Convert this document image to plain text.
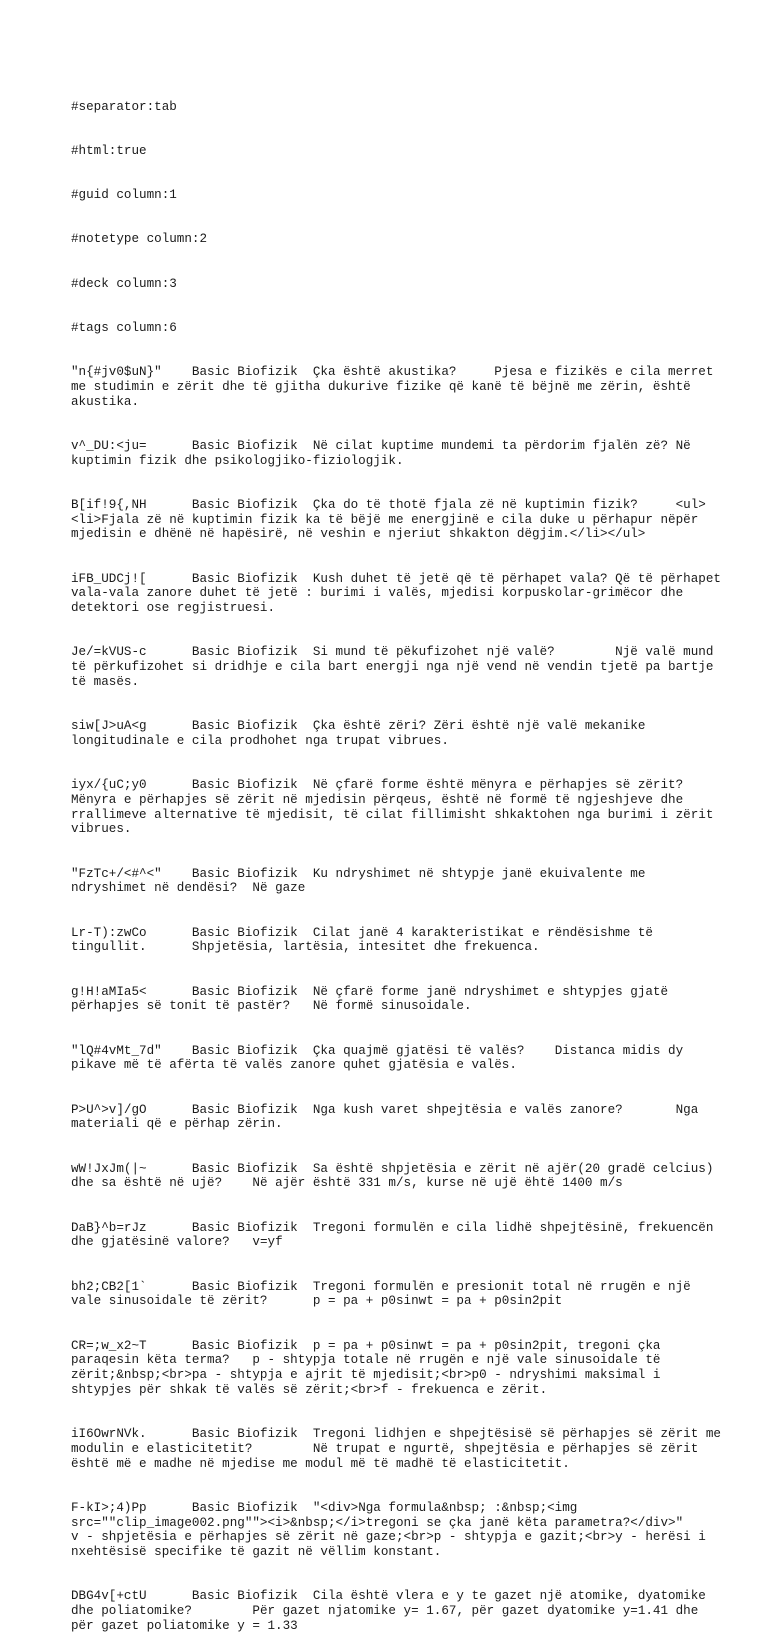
#separator:tab

#html:true

#guid column:1

#notetype column:2

#deck column:3

#tags column:6

"n{#jv0$uN}"	Basic Biofizik	Çka është akustika?	Pjesa e fizikës e cila merret me studimin e zërit dhe të gjitha dukurive fizike që kanë të bëjnë me zërin, është akustika.

v^_DU:<ju=	Basic Biofizik	Në cilat kuptime mundemi ta përdorim fjalën zë?	Në kuptimin fizik dhe psikologjiko-fiziologjik.

B[if!9{,NH	Basic Biofizik	Çka do të thotë fjala zë në kuptimin fizik?	<ul><li>Fjala zë në kuptimin fizik ka të bëjë me energjinë e cila duke u përhapur nëpër mjedisin e dhënë në hapësirë, në veshin e njeriut shkakton dëgjim.</li></ul>

iFB_UDCj![	Basic Biofizik	Kush duhet të jetë që të përhapet vala?	Që të përhapet vala-vala zanore duhet të jetë : burimi i valës, mjedisi korpuskolar-grimëcor dhe detektori ose regjistruesi.

Je/=kVUS-c	Basic Biofizik	Si mund të pëkufizohet një valë?	Një valë mund të përkufizohet si dridhje e cila bart energji nga një vend në vendin tjetë pa bartje të masës.

siw[J>uA<g	Basic Biofizik	Çka është zëri?	Zëri është një valë mekanike longitudinale e cila prodhohet nga trupat vibrues.

iyx/{uC;y0	Basic Biofizik	Në çfarë forme është mënyra e përhapjes së zërit?	Mënyra e përhapjes së zërit në mjedisin përqeus, është në formë të ngjeshjeve dhe rrallimeve alternative të mjedisit, të cilat fillimisht shkaktohen nga burimi i zërit vibrues.

"FzTc+/<#^<"	Basic Biofizik	Ku ndryshimet në shtypje janë ekuivalente me ndryshimet në dendësi?	Në gaze

Lr-T):zwCo	Basic Biofizik	Cilat janë 4 karakteristikat e rëndësishme të tingullit.	Shpjetësia, lartësia, intesitet dhe frekuenca.

g!H!aMIa5<	Basic Biofizik	Në çfarë forme janë ndryshimet e shtypjes gjatë përhapjes së tonit të pastër?	Në formë sinusoidale.

"lQ#4vMt_7d"	Basic Biofizik	Çka quajmë gjatësi të valës?	Distanca midis dy pikave më të afërta të valës zanore quhet gjatësia e valës.

P>U^>v]/gO	Basic Biofizik	Nga kush varet shpejtësia e valës zanore?	Nga materiali që e përhap zërin.

wW!JxJm(|~	Basic Biofizik	Sa është shpjetësia e zërit në ajër(20 gradë celcius) dhe sa është në ujë?	Në ajër është 331 m/s, kurse në ujë ëhtë 1400 m/s

DaB}^b=rJz	Basic Biofizik	Tregoni formulën e cila lidhë shpejtësinë, frekuencën dhe gjatësinë valore?	v=yf

bh2;CB2[1`	Basic Biofizik	Tregoni formulën e presionit total në rrugën e një vale sinusoidale të zërit?	p = pa + p0sinwt = pa + p0sin2pit

CR=;w_x2~T	Basic Biofizik	p = pa + p0sinwt = pa + p0sin2pit, tregoni çka paraqesin këta terma?	p - shtypja totale në rrugën e një vale sinusoidale të zërit;&nbsp;<br>pa - shtypja e ajrit të mjedisit;<br>p0 - ndryshimi maksimal i shtypjes për shkak të valës së zërit;<br>f - frekuenca e zërit.

iI6OwrNVk.	Basic Biofizik	Tregoni lidhjen e shpejtësisë së përhapjes së zërit me modulin e elasticitetit?	Në trupat e ngurtë, shpejtësia e përhapjes së zërit është më e madhe në mjedise me modul më të madhë të elasticitetit.

F-kI>;4)Pp	Basic Biofizik	"<div>Nga formula&nbsp; :&nbsp;<img src=""clip_image002.png""><i>&nbsp;</i>tregoni se çka janë këta parametra?</div>"	v - shpjetësia e përhapjes së zërit në gaze;<br>p - shtypja e gazit;<br>y - herësi i nxehtësisë specifike të gazit në vëllim konstant.

DBG4v[+ctU	Basic Biofizik	Cila është vlera e y te gazet një atomike, dyatomike dhe poliatomike?	Për gazet njatomike y= 1.67, për gazet dyatomike y=1.41 dhe për gazet poliatomike y = 1.33
